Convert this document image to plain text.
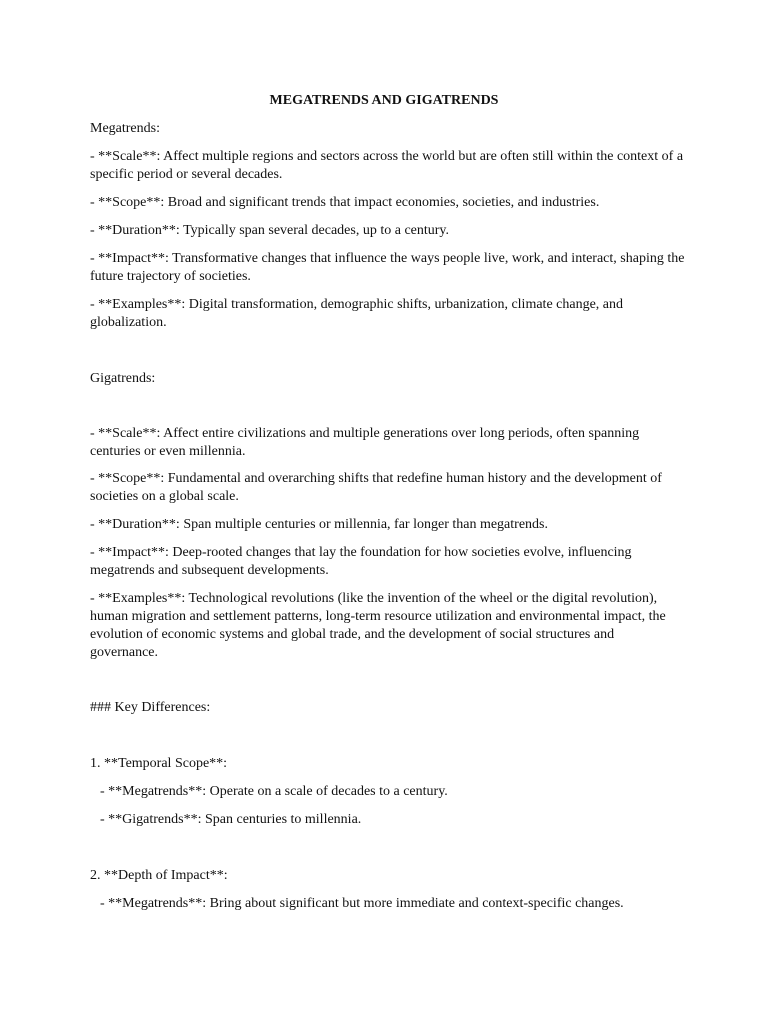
MEGATRENDS AND GIGATRENDS

Megatrends:

- **Scale**: Affect multiple regions and sectors across the world but are often still within the context of a

specific period or several decades.

- **Scope**: Broad and significant trends that impact economies, societies, and industries.

- **Duration**: Typically span several decades, up to a century.

- **Impact**: Transformative changes that influence the ways people live, work, and interact, shaping the

future trajectory of societies.

- **Examples**: Digital transformation, demographic shifts, urbanization, climate change, and

globalization.

Gigatrends:

- **Scale**: Affect entire civilizations and multiple generations over long periods, often spanning

centuries or even millennia.

- **Scope**: Fundamental and overarching shifts that redefine human history and the development of

societies on a global scale.

- **Duration**: Span multiple centuries or millennia, far longer than megatrends.

- **Impact**: Deep-rooted changes that lay the foundation for how societies evolve, influencing

megatrends and subsequent developments.

- **Examples**: Technological revolutions (like the invention of the wheel or the digital revolution),

human migration and settlement patterns, long-term resource utilization and environmental impact, the

evolution of economic systems and global trade, and the development of social structures and

governance.

### Key Differences:

1. **Temporal Scope**:

- **Megatrends**: Operate on a scale of decades to a century.

- **Gigatrends**: Span centuries to millennia.

2. **Depth of Impact**:

- **Megatrends**: Bring about significant but more immediate and context-specific changes.
